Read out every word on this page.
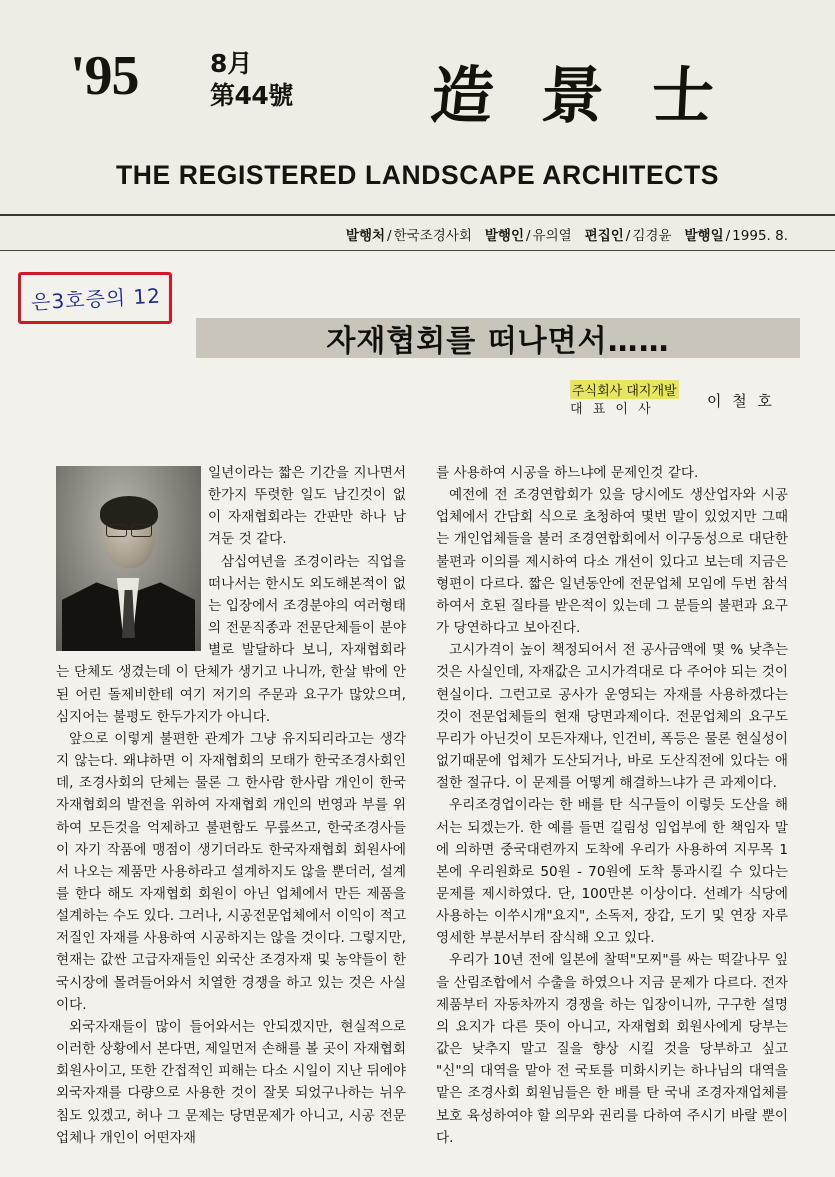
'95	8月
第44號 造 景 士
THE REGISTERED LANDSCAPE ARCHITECTS
발행처 / 한국조경사회 발행인 / 유의열 편집인 / 김경윤 발행일 / 1995. 8.
은3호증의 12
자재협회를 떠나면서……
주식회사 대지개발
대 표 이 사	이 철 호

일년이라는 짧은 기간을 지나면서 한가지 뚜렷한 일도 남긴것이 없이 자재협회라는 간판만 하나 남겨둔 것 같다.

삼십여년을 조경이라는 직업을 떠나서는 한시도 외도해본적이 없는 입장에서 조경분야의 여러형태의 전문직종과 전문단체들이 분야별로 발달하다 보니, 자재협회라는 단체도 생겼는데 이 단체가 생기고 나니까, 한살 밖에 안된 어린 돌제비한테 여기 저기의 주문과 요구가 많았으며, 심지어는 불평도 한두가지가 아니다.

앞으로 이렇게 불편한 관계가 그냥 유지되리라고는 생각지 않는다. 왜냐하면 이 자재협회의 모태가 한국조경사회인데, 조경사회의 단체는 물론 그 한사람 한사람 개인이 한국자재협회의 발전을 위하여 자재협회 개인의 번영과 부를 위하여 모든것을 억제하고 불편함도 무릎쓰고, 한국조경사들이 자기 작품에 맹점이 생기더라도 한국자재협회 회원사에서 나오는 제품만 사용하라고 설계하지도 않을 뿐더러, 설계를 한다 해도 자재협회 회원이 아닌 업체에서 만든 제품을 설계하는 수도 있다. 그러나, 시공전문업체에서 이익이 적고 저질인 자재를 사용하여 시공하지는 않을 것이다. 그렇지만, 현재는 값싼 고급자재들인 외국산 조경자재 및 농약들이 한국시장에 몰려들어와서 치열한 경쟁을 하고 있는 것은 사실이다.

외국자재들이 많이 들어와서는 안되겠지만, 현실적으로 이러한 상황에서 본다면, 제일먼저 손해를 볼 곳이 자재협회 회원사이고, 또한 간접적인 피해는 다소 시일이 지난 뒤에야 외국자재를 다량으로 사용한 것이 잘못 되었구나하는 뉘우침도 있겠고, 허나 그 문제는 당면문제가 아니고, 시공 전문업체나 개인이 어떤자재

를 사용하여 시공을 하느냐에 문제인것 같다.

예전에 전 조경연합회가 있을 당시에도 생산업자와 시공업체에서 간담회 식으로 초청하여 몇번 말이 있었지만 그때는 개인업체들을 불러 조경연합회에서 이구동성으로 대단한 불편과 이의를 제시하여 다소 개선이 있다고 보는데 지금은 형편이 다르다. 짧은 일년동안에 전문업체 모임에 두번 참석하여서 호된 질타를 받은적이 있는데 그 분들의 불편과 요구가 당연하다고 보아진다.

고시가격이 높이 책정되어서 전 공사금액에 몇 % 낮추는 것은 사실인데, 자재값은 고시가격대로 다 주어야 되는 것이 현실이다. 그런고로 공사가 운영되는 자재를 사용하겠다는 것이 전문업체들의 현재 당면과제이다. 전문업체의 요구도 무리가 아닌것이 모든자재나, 인건비, 폭등은 물론 현실성이 없기때문에 업체가 도산되거나, 바로 도산직전에 있다는 애절한 절규다. 이 문제를 어떻게 해결하느냐가 큰 과제이다.

우리조경업이라는 한 배를 탄 식구들이 이렇듯 도산을 해서는 되겠는가. 한 예를 들면 길림성 임업부에 한 책임자 말에 의하면 중국대련까지 도착에 우리가 사용하여 지무목 1본에 우리원화로 50원 - 70원에 도착 통과시킬 수 있다는 문제를 제시하였다. 단, 100만본 이상이다. 선례가 식당에 사용하는 이쑤시개"요지", 소독저, 장갑, 도기 및 연장 자루 영세한 부분서부터 잠식해 오고 있다.

우리가 10년 전에 일본에 찰떡"모찌"를 싸는 떡갈나무 잎을 산림조합에서 수출을 하였으나 지금 문제가 다르다. 전자제품부터 자동차까지 경쟁을 하는 입장이니까, 구구한 설명의 요지가 다른 뜻이 아니고, 자재협회 회원사에게 당부는 값은 낮추지 말고 질을 향상 시킬 것을 당부하고 싶고 "신"의 대역을 맡아 전 국토를 미화시키는 하나님의 대역을 맡은 조경사회 회원님들은 한 배를 탄 국내 조경자재업체를 보호 육성하여야 할 의무와 권리를 다하여 주시기 바랄 뿐이다.
